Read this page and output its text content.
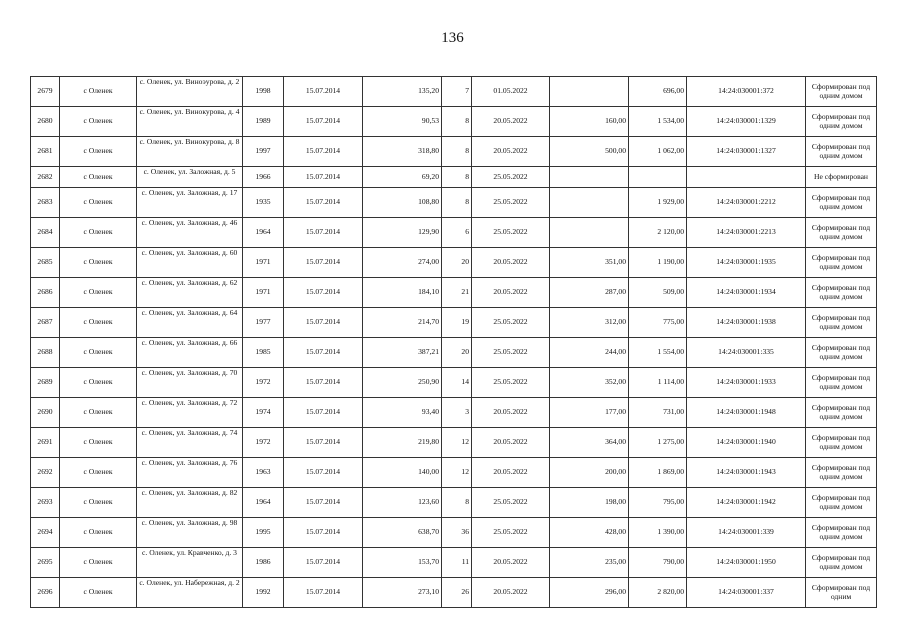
136
2679	с Оленек	с. Оленек, ул. Виноэурова, д. 2	1998	15.07.2014	135,20	7	01.05.2022		696,00	14:24:030001:372	Сформирован под одним домом
2680	с Оленек	с. Оленек, ул. Винокурова, д. 4	1989	15.07.2014	90,53	8	20.05.2022	160,00	1 534,00	14:24:030001:1329	Сформирован под одним домом
2681	с Оленек	с. Оленек, ул. Винокурова, д. 8	1997	15.07.2014	318,80	8	20.05.2022	500,00	1 062,00	14:24:030001:1327	Сформирован под одним домом
2682	с Оленек	с. Оленек, ул. Заложная, д. 5	1966	15.07.2014	69,20	8	25.05.2022				Не сформирован
2683	с Оленек	с. Оленек, ул. Заложная, д. 17	1935	15.07.2014	108,80	8	25.05.2022		1 929,00	14:24:030001:2212	Сформирован под одним домом
2684	с Оленек	с. Оленек, ул. Заложная, д. 46	1964	15.07.2014	129,90	6	25.05.2022		2 120,00	14:24:030001:2213	Сформирован под одним домом
2685	с Оленек	с. Оленек, ул. Заложная, д. 60	1971	15.07.2014	274,00	20	20.05.2022	351,00	1 190,00	14:24:030001:1935	Сформирован под одним домом
2686	с Оленек	с. Оленек, ул. Заложная, д. 62	1971	15.07.2014	184,10	21	20.05.2022	287,00	509,00	14:24:030001:1934	Сформирован под одним домом
2687	с Оленек	с. Оленек, ул. Заложная, д. 64	1977	15.07.2014	214,70	19	25.05.2022	312,00	775,00	14:24:030001:1938	Сформирован под одним домом
2688	с Оленек	с. Оленек, ул. Заложная, д. 66	1985	15.07.2014	387,21	20	25.05.2022	244,00	1 554,00	14:24:030001:335	Сформирован под одним домом
2689	с Оленек	с. Оленек, ул. Заложная, д. 70	1972	15.07.2014	250,90	14	25.05.2022	352,00	1 114,00	14:24:030001:1933	Сформирован под одним домом
2690	с Оленек	с. Оленек, ул. Заложная, д. 72	1974	15.07.2014	93,40	3	20.05.2022	177,00	731,00	14:24:030001:1948	Сформирован под одним домом
2691	с Оленек	с. Оленек, ул. Заложная, д. 74	1972	15.07.2014	219,80	12	20.05.2022	364,00	1 275,00	14:24:030001:1940	Сформирован под одним домом
2692	с Оленек	с. Оленек, ул. Заложная, д. 76	1963	15.07.2014	140,00	12	20.05.2022	200,00	1 869,00	14:24:030001:1943	Сформирован под одним домом
2693	с Оленек	с. Оленек, ул. Заложная, д. 82	1964	15.07.2014	123,60	8	25.05.2022	198,00	795,00	14:24:030001:1942	Сформирован под одним домом
2694	с Оленек	с. Оленек, ул. Заложная, д. 98	1995	15.07.2014	638,70	36	25.05.2022	428,00	1 390,00	14:24:030001:339	Сформирован под одним домом
2695	с Оленек	с. Оленек, ул. Кравченко, д. 3	1986	15.07.2014	153,70	11	20.05.2022	235,00	790,00	14:24:030001:1950	Сформирован под одним домом
2696	с Оленек	с. Оленек, ул. Набережная, д. 2	1992	15.07.2014	273,10	26	20.05.2022	296,00	2 820,00	14:24:030001:337	Сформирован под одним
